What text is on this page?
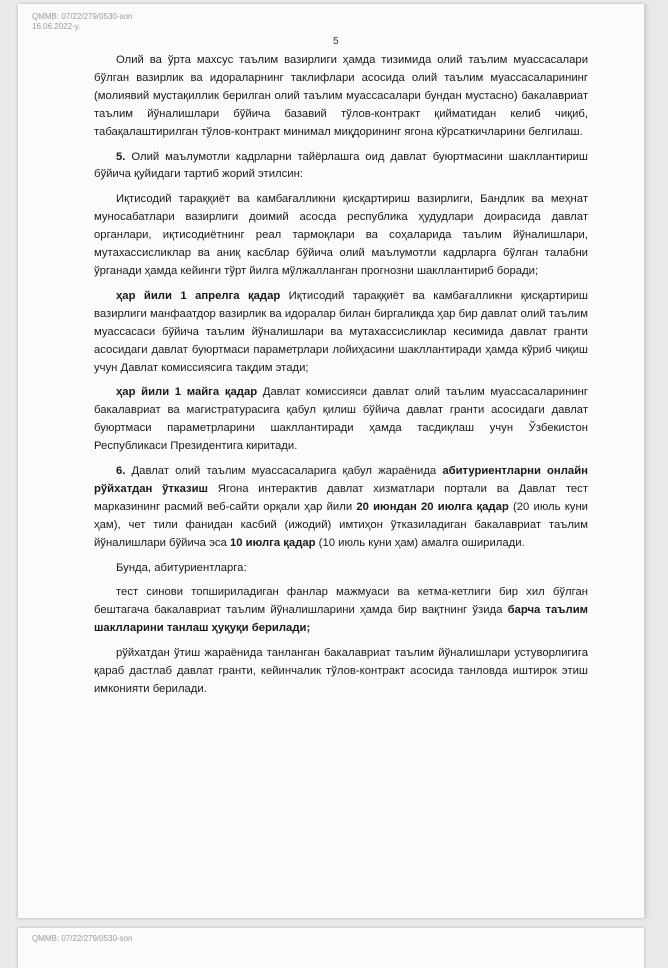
QMMB: 07/22/279/0530-son
16.06.2022-y.
5

Олий ва ўрта махсус таълим вазирлиги ҳамда тизимида олий таълим муассасалари бўлган вазирлик ва идораларнинг таклифлари асосида олий таълим муассасаларининг (молиявий мустақиллик берилган олий таълим муассасалари бундан мустасно) бакалавриат таълим йўналишлари бўйича базавий тўлов-контракт қийматидан келиб чиқиб, табақалаштирилган тўлов-контракт минимал миқдорининг ягона кўрсаткичларини белгилаш.

5. Олий маълумотли кадрларни тайёрлашга оид давлат буюртмасини шакллантириш бўйича қуйидаги тартиб жорий этилсин:

Иқтисодий тараққиёт ва камбағалликни қисқартириш вазирлиги, Бандлик ва меҳнат муносабатлари вазирлиги доимий асосда республика ҳудудлари доирасида давлат органлари, иқтисодиётнинг реал тармоқлари ва соҳаларида таълим йўналишлари, мутахассисликлар ва аниқ касблар бўйича олий маълумотли кадрларга бўлган талабни ўрганади ҳамда кейинги тўрт йилга мўлжалланган прогнозни шакллантириб боради;

ҳар йили 1 апрелга қадар Иқтисодий тараққиёт ва камбағалликни қисқартириш вазирлиги манфаатдор вазирлик ва идоралар билан биргаликда ҳар бир давлат олий таълим муассасаси бўйича таълим йўналишлари ва мутахассисликлар кесимида давлат гранти асосидаги давлат буюртмаси параметрлари лойиҳасини шакллантиради ҳамда кўриб чиқиш учун Давлат комиссиясига тақдим этади;

ҳар йили 1 майга қадар Давлат комиссияси давлат олий таълим муассасаларининг бакалавриат ва магистратурасига қабул қилиш бўйича давлат гранти асосидаги давлат буюртмаси параметрларини шакллантиради ҳамда тасдиқлаш учун Ўзбекистон Республикаси Президентига киритади.

6. Давлат олий таълим муассасаларига қабул жараёнида абитуриентларни онлайн рўйхатдан ўтказиш Ягона интерактив давлат хизматлари портали ва Давлат тест марказининг расмий веб-сайти орқали ҳар йили 20 июндан 20 июлга қадар (20 июль куни ҳам), чет тили фанидан касбий (ижодий) имтиҳон ўтказиладиган бакалавриат таълим йўналишлари бўйича эса 10 июлга қадар (10 июль куни ҳам) амалга оширилади.

Бунда, абитуриентларга:

тест синови топшириладиган фанлар мажмуаси ва кетма-кетлиги бир хил бўлган бештагача бакалавриат таълим йўналишларини ҳамда бир вақтнинг ўзида барча таълим шаклларини танлаш ҳуқуқи берилади;

рўйхатдан ўтиш жараёнида танланган бакалавриат таълим йўналишлари устуворлигига қараб дастлаб давлат гранти, кейинчалик тўлов-контракт асосида танловда иштирок этиш имконияти берилади.

QMMB: 07/22/279/0530-son
